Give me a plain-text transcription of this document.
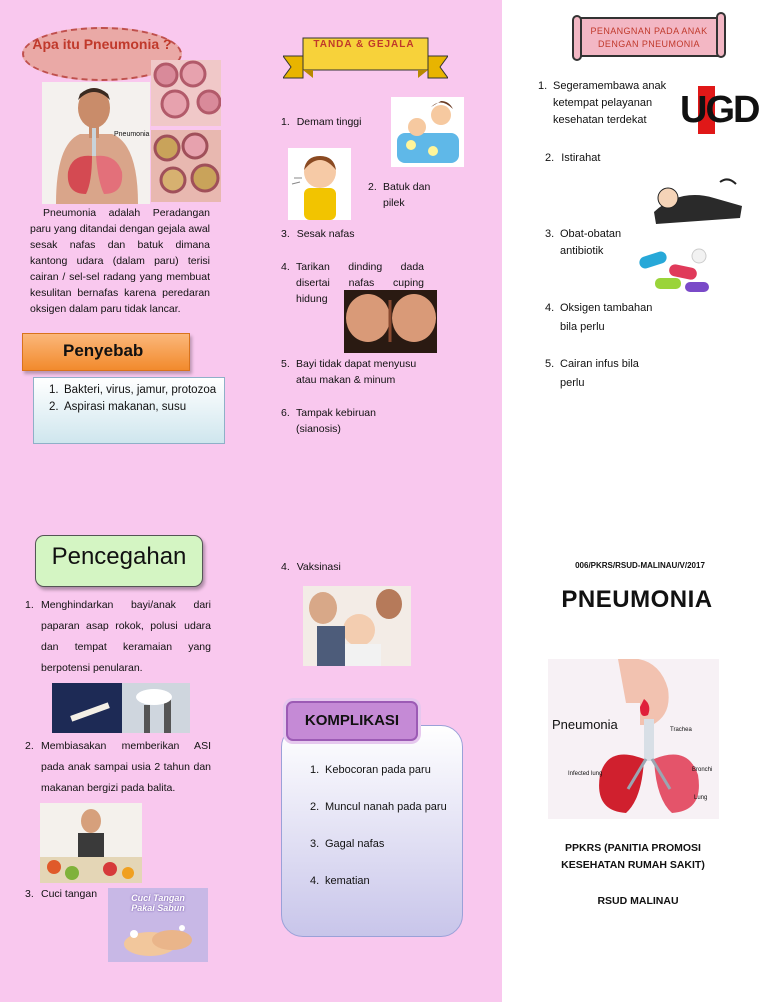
Apa itu Pneumonia ?
Pneumonia

Pneumonia adalah Peradangan paru yang ditandai dengan gejala awal sesak nafas dan batuk dimana kantong udara (dalam paru) terisi cairan / sel-sel radang yang membuat kesulitan bernafas karena peredaran oksigen dalam paru tidak lancar.

Penyebab
1. Bakteri, virus, jamur, protozoa
2. Aspirasi makanan, susu
Pencegahan
1. Menghindarkan bayi/anak dari paparan asap rokok, polusi udara dan tempat keramaian yang berpotensi penularan.

2. Membiasakan memberikan ASI pada anak sampai usia 2 tahun dan makanan bergizi pada balita.

3. Cuci tangan	Cuci Tangan Pakai Sabun
TANDA & GEJALA
1. Demam tinggi
2. Batuk dan pilek

3. Sesak nafas
4. Tarikan dinding dada disertai nafas cuping hidung

5. Bayi tidak dapat menyusu atau makan & minum

6. Tampak kebiruan (sianosis)

4. Vaksinasi
1. Kebocoran pada paru
2. Muncul nanah pada paru
3. Gagal nafas
4. kematian
KOMPLIKASI
PENANGNAN PADA ANAK DENGAN PNEUMONIA
1. Segeramembawa anak ketempat pelayanan kesehatan terdekat UGD
2. Istirahat
3. Obat-obatan antibiotik

4. Oksigen tambahan bila perlu

5. Cairan infus bila perlu

006/PKRS/RSUD-MALINAU/V/2017
PNEUMONIA
Pneumonia	Trachea
Infected lung
Bronchi
Lung
PPKRS (PANITIA PROMOSI KESEHATAN RUMAH SAKIT)
RSUD MALINAU
